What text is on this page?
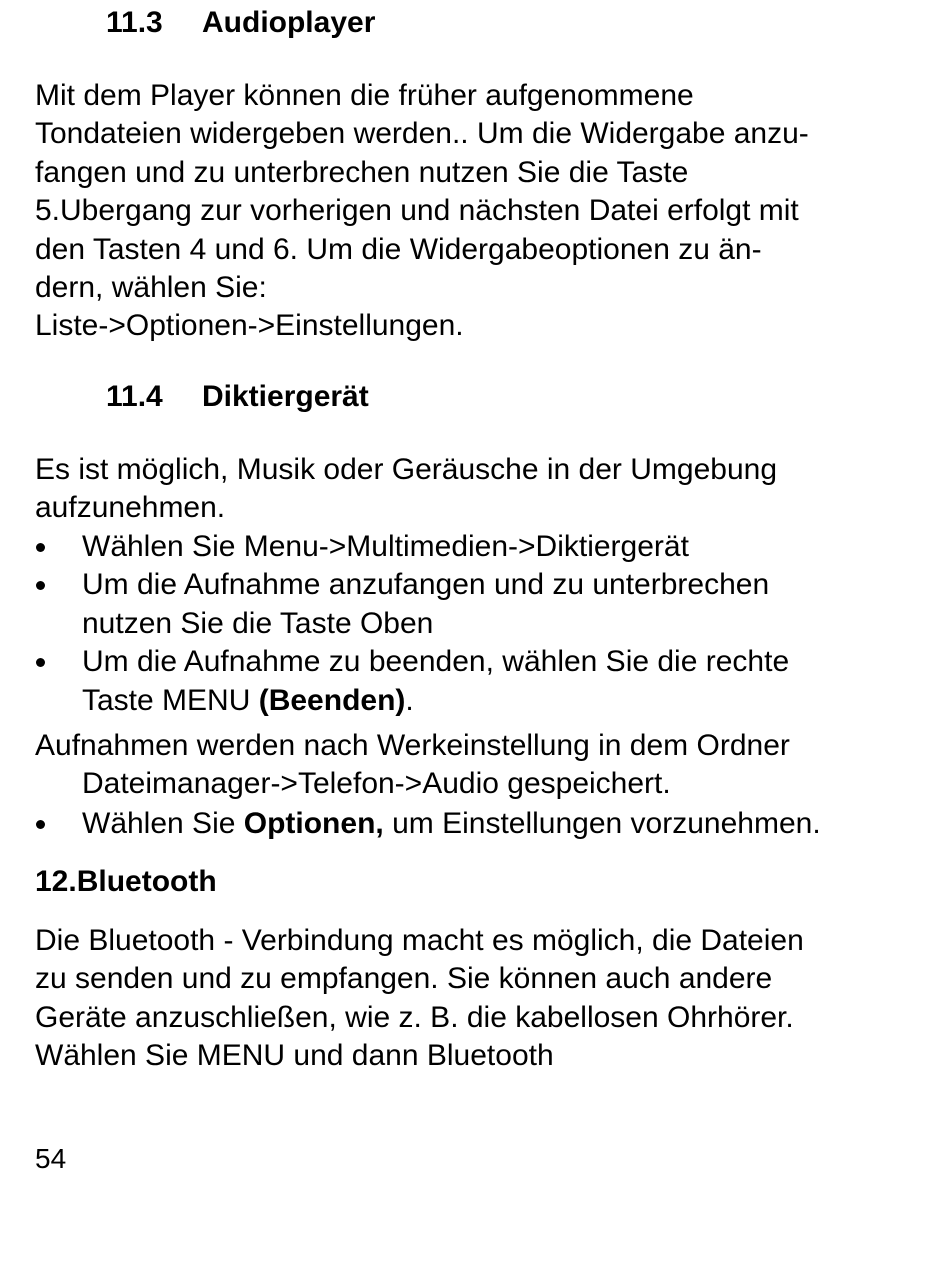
11.3 Audioplayer
Mit dem Player können die früher aufgenommene
Tondateien widergeben werden.. Um die Widergabe anzu-
fangen und zu unterbrechen nutzen Sie die Taste
5.Ubergang zur vorherigen und nächsten Datei erfolgt mit
den Tasten 4 und 6. Um die Widergabeoptionen zu än-
dern, wählen Sie:
Liste->Optionen->Einstellungen.
11.4 Diktiergerät
Es ist möglich, Musik oder Geräusche in der Umgebung
aufzunehmen.
Wählen Sie Menu->Multimedien->Diktiergerät
Um die Aufnahme anzufangen und zu unterbrechen
nutzen Sie die Taste Oben
Um die Aufnahme zu beenden, wählen Sie die rechte
Taste MENU (Beenden).
Aufnahmen werden nach Werkeinstellung in dem Ordner
Dateimanager->Telefon->Audio gespeichert.
Wählen Sie Optionen, um Einstellungen vorzunehmen.
12.Bluetooth
Die Bluetooth - Verbindung macht es möglich, die Dateien
zu senden und zu empfangen. Sie können auch andere
Geräte anzuschließen, wie z. B. die kabellosen Ohrhörer.
Wählen Sie MENU und dann Bluetooth
54
